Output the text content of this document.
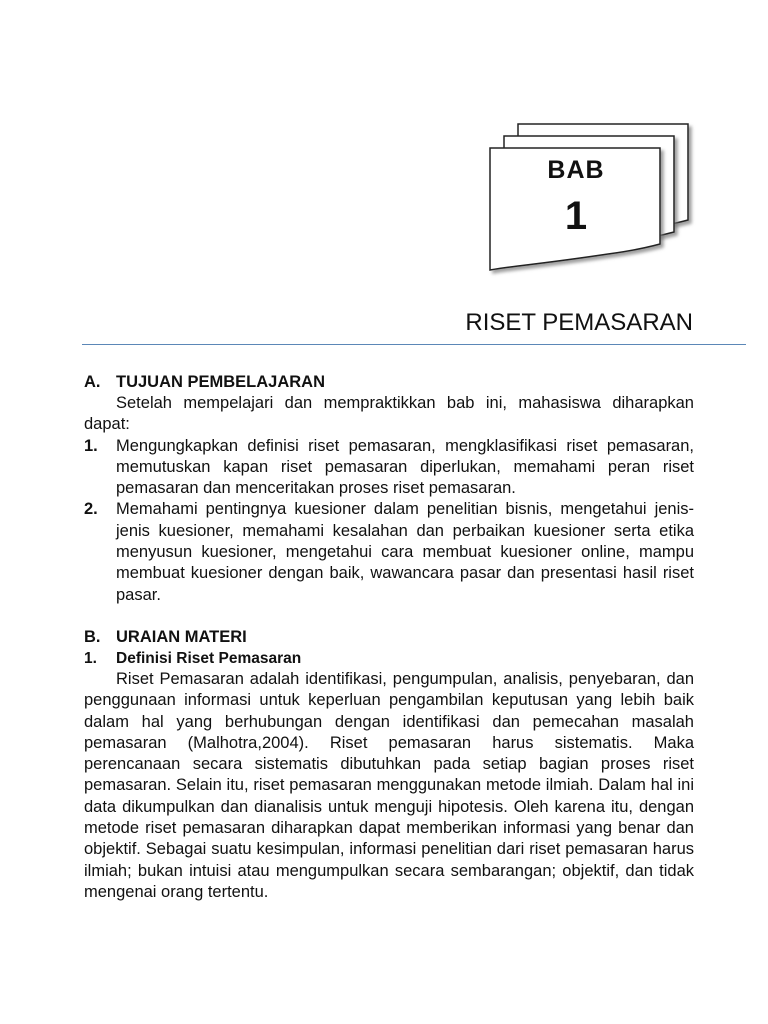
BAB
1
RISET PEMASARAN
A. TUJUAN PEMBELAJARAN

Setelah mempelajari dan mempraktikkan bab ini, mahasiswa diharapkan dapat:

1.	Mengungkapkan definisi riset pemasaran, mengklasifikasi riset pemasaran, memutuskan kapan riset pemasaran diperlukan, memahami peran riset pemasaran dan menceritakan proses riset pemasaran.
2.	Memahami pentingnya kuesioner dalam penelitian bisnis, mengetahui jenis-jenis kuesioner, memahami kesalahan dan perbaikan kuesioner serta etika menyusun kuesioner, mengetahui cara membuat kuesioner online, mampu membuat kuesioner dengan baik, wawancara pasar dan presentasi hasil riset pasar.
B. URAIAN MATERI
1.	Definisi Riset Pemasaran

Riset Pemasaran adalah identifikasi, pengumpulan, analisis, penyebaran, dan penggunaan informasi untuk keperluan pengambilan keputusan yang lebih baik dalam hal yang berhubungan dengan identifikasi dan pemecahan masalah pemasaran (Malhotra,2004). Riset pemasaran harus sistematis. Maka perencanaan secara sistematis dibutuhkan pada setiap bagian proses riset pemasaran. Selain itu, riset pemasaran menggunakan metode ilmiah. Dalam hal ini data dikumpulkan dan dianalisis untuk menguji hipotesis. Oleh karena itu, dengan metode riset pemasaran diharapkan dapat memberikan informasi yang benar dan objektif. Sebagai suatu kesimpulan, informasi penelitian dari riset pemasaran harus ilmiah; bukan intuisi atau mengumpulkan secara sembarangan; objektif, dan tidak mengenai orang tertentu.
